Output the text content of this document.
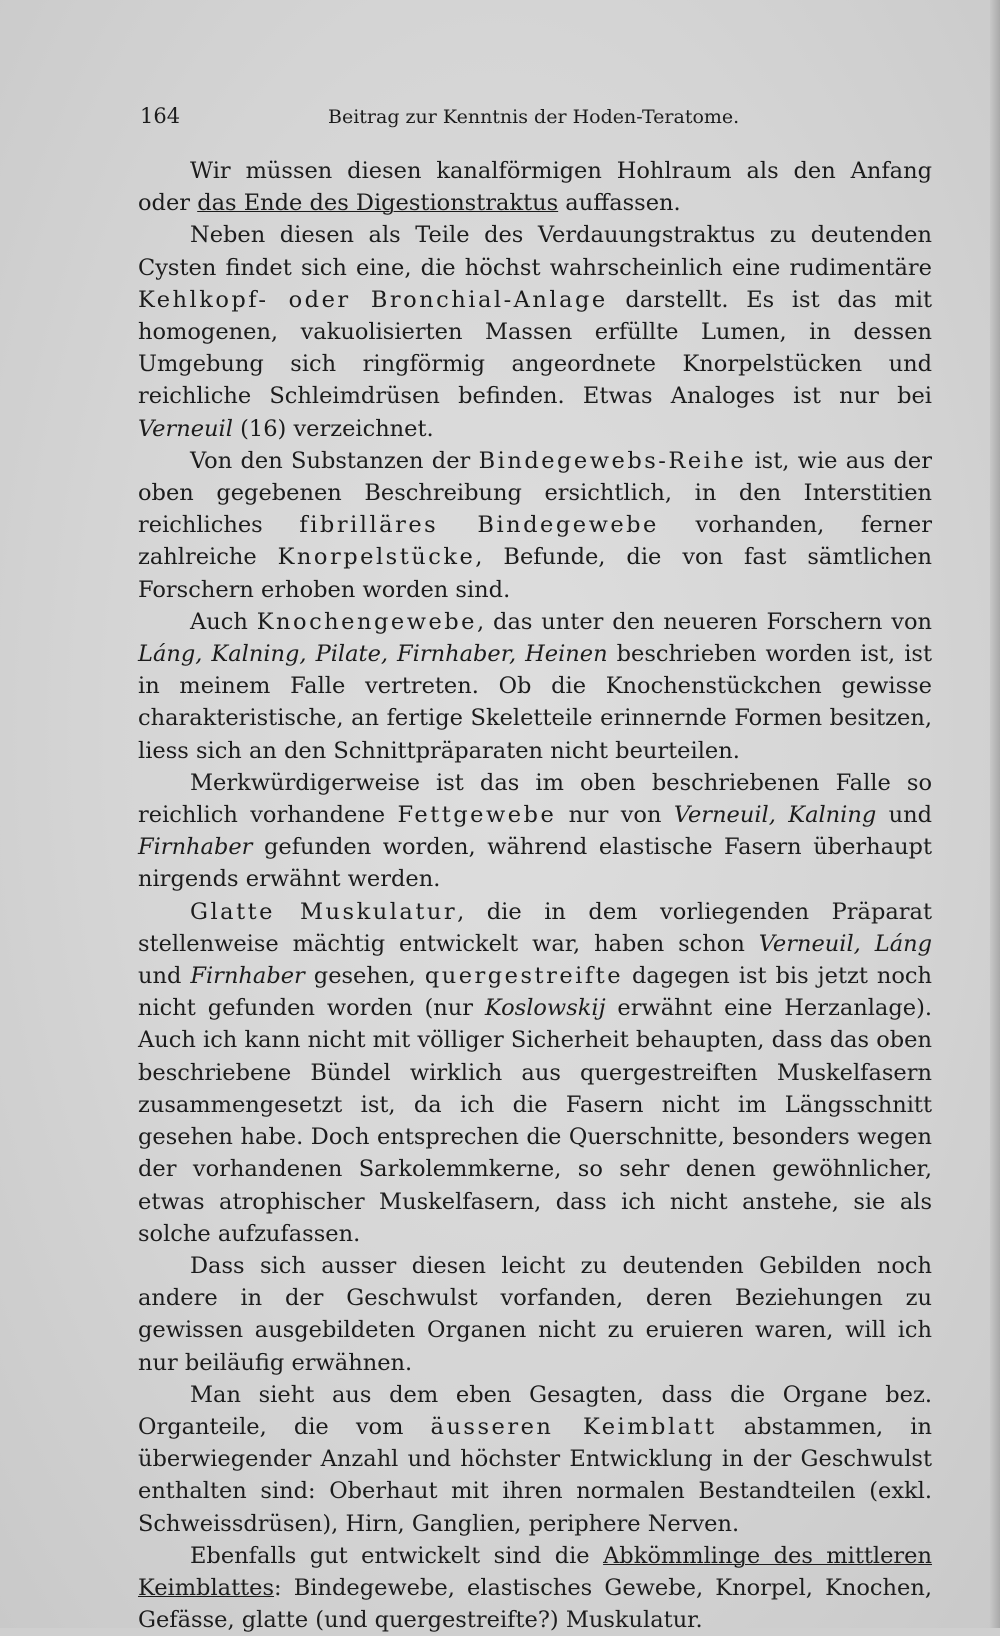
164	Beitrag zur Kenntnis der Hoden-Teratome.

Wir müssen diesen kanalförmigen Hohlraum als den Anfang oder das Ende des Digestionstraktus auffassen.

Neben diesen als Teile des Verdauungstraktus zu deutenden Cysten findet sich eine, die höchst wahrscheinlich eine rudimentäre Kehlkopf- oder Bronchial-Anlage darstellt. Es ist das mit homogenen, vakuolisierten Massen erfüllte Lumen, in dessen Umgebung sich ringförmig angeordnete Knorpelstücken und reichliche Schleimdrüsen befinden. Etwas Analoges ist nur bei Verneuil (16) verzeichnet.

Von den Substanzen der Bindegewebs-Reihe ist, wie aus der oben gegebenen Beschreibung ersichtlich, in den Interstitien reichliches fibrilläres Bindegewebe vorhanden, ferner zahlreiche Knorpelstücke, Befunde, die von fast sämtlichen Forschern erhoben worden sind.

Auch Knochengewebe, das unter den neueren Forschern von Láng, Kalning, Pilate, Firnhaber, Heinen beschrieben worden ist, ist in meinem Falle vertreten. Ob die Knochenstückchen gewisse charakteristische, an fertige Skeletteile erinnernde Formen besitzen, liess sich an den Schnittpräparaten nicht beurteilen.

Merkwürdigerweise ist das im oben beschriebenen Falle so reichlich vorhandene Fettgewebe nur von Verneuil, Kalning und Firnhaber gefunden worden, während elastische Fasern überhaupt nirgends erwähnt werden.

Glatte Muskulatur, die in dem vorliegenden Präparat stellenweise mächtig entwickelt war, haben schon Verneuil, Láng und Firnhaber gesehen, quergestreifte dagegen ist bis jetzt noch nicht gefunden worden (nur Koslowskij erwähnt eine Herzanlage). Auch ich kann nicht mit völliger Sicherheit behaupten, dass das oben beschriebene Bündel wirklich aus quergestreiften Muskelfasern zusammengesetzt ist, da ich die Fasern nicht im Längsschnitt gesehen habe. Doch entsprechen die Querschnitte, besonders wegen der vorhandenen Sarkolemmkerne, so sehr denen gewöhnlicher, etwas atrophischer Muskelfasern, dass ich nicht anstehe, sie als solche aufzufassen.

Dass sich ausser diesen leicht zu deutenden Gebilden noch andere in der Geschwulst vorfanden, deren Beziehungen zu gewissen ausgebildeten Organen nicht zu eruieren waren, will ich nur beiläufig erwähnen.

Man sieht aus dem eben Gesagten, dass die Organe bez. Organteile, die vom äusseren Keimblatt abstammen, in überwiegender Anzahl und höchster Entwicklung in der Geschwulst enthalten sind: Oberhaut mit ihren normalen Bestandteilen (exkl. Schweissdrüsen), Hirn, Ganglien, periphere Nerven.

Ebenfalls gut entwickelt sind die Abkömmlinge des mittleren Keimblattes: Bindegewebe, elastisches Gewebe, Knorpel, Knochen, Gefässe, glatte (und quergestreifte?) Muskulatur.
